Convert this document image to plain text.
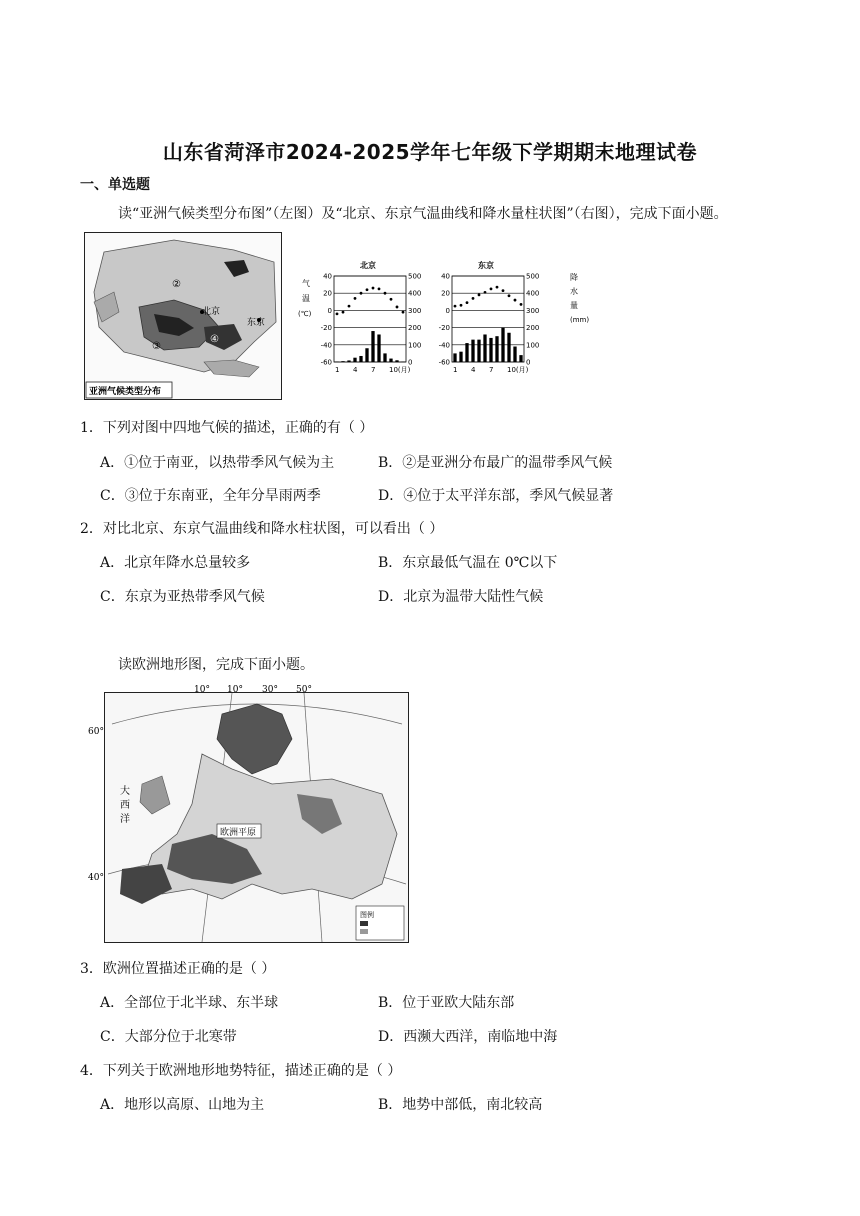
山东省菏泽市2024-2025学年七年级下学期期末地理试卷
一、单选题
读“亚洲气候类型分布图”（左图）及“北京、东京气温曲线和降水量柱状图”（右图），完成下面小题。
②
③
④
北京
东京
亚洲气候类型分布
气
温
(℃)
降
水
量
(mm)
北京
40	500
20	400
0	300
-20	200
-40	100
-60	0
1 4 7 10(月)
东京
40	500
20	400
0	300
-20	200
-40	100
-60	0
1 4 7 10(月)
1．下列对图中四地气候的描述，正确的有（ ）
A．①位于南亚，以热带季风气候为主	B．②是亚洲分布最广的温带季风气候
C．③位于东南亚，全年分旱雨两季	D．④位于太平洋东部，季风气候显著
2．对比北京、东京气温曲线和降水柱状图，可以看出（ ）
A．北京年降水总量较多	B．东京最低气温在 0℃以下
C．东京为亚热带季风气候	D．北京为温带大陆性气候
读欧洲地形图，完成下面小题。
欧洲平原
10° 10° 30° 50°
60°
40°
大
西
洋
图例
3．欧洲位置描述正确的是（ ）
A．全部位于北半球、东半球	B．位于亚欧大陆东部
C．大部分位于北寒带	D．西濒大西洋，南临地中海
4．下列关于欧洲地形地势特征，描述正确的是（ ）
A．地形以高原、山地为主	B．地势中部低，南北较高
